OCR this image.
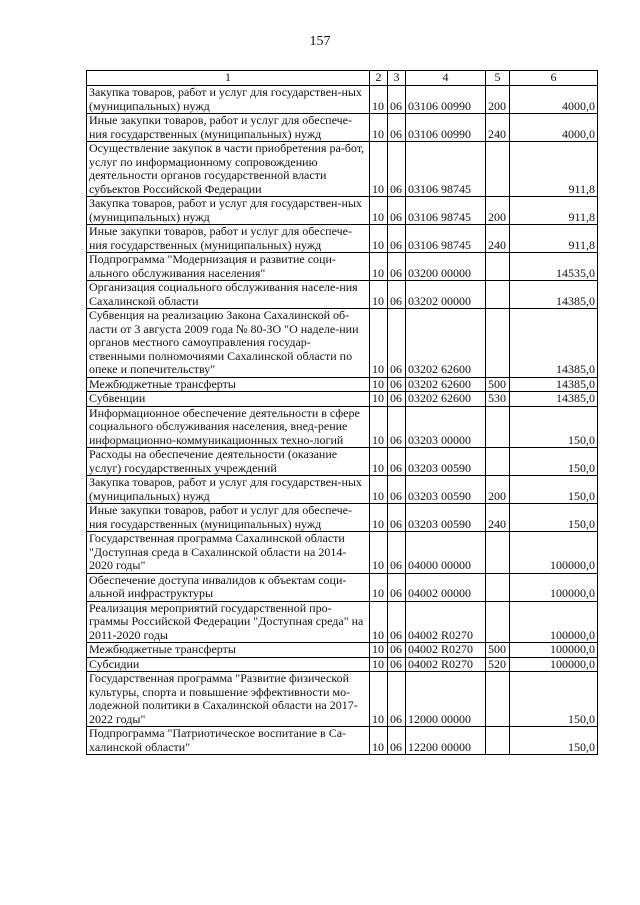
157
1	2	3	4	5	6
Закупка товаров, работ и услуг для государствен-ных (муниципальных) нужд	10	06	03106 00990	200	4000,0
Иные закупки товаров, работ и услуг для обеспече-ния государственных (муниципальных) нужд	10	06	03106 00990	240	4000,0
Осуществление закупок в части приобретения ра-бот, услуг по информационному сопровождению деятельности органов государственной власти субъектов Российской Федерации	10	06	03106 98745		911,8
Закупка товаров, работ и услуг для государствен-ных (муниципальных) нужд	10	06	03106 98745	200	911,8
Иные закупки товаров, работ и услуг для обеспече-ния государственных (муниципальных) нужд	10	06	03106 98745	240	911,8
Подпрограмма "Модернизация и развитие соци-ального обслуживания населения"	10	06	03200 00000		14535,0
Организация социального обслуживания населе-ния Сахалинской области	10	06	03202 00000		14385,0
Субвенция на реализацию Закона Сахалинской об-ласти от 3 августа 2009 года № 80-ЗО "О наделе-нии органов местного самоуправления государ-ственными полномочиями Сахалинской области по опеке и попечительству"	10	06	03202 62600		14385,0
Межбюджетные трансферты	10	06	03202 62600	500	14385,0
Субвенции	10	06	03202 62600	530	14385,0
Информационное обеспечение деятельности в сфере социального обслуживания населения, внед-рение информационно-коммуникационных техно-логий	10	06	03203 00000		150,0
Расходы на обеспечение деятельности (оказание услуг) государственных учреждений	10	06	03203 00590		150,0
Закупка товаров, работ и услуг для государствен-ных (муниципальных) нужд	10	06	03203 00590	200	150,0
Иные закупки товаров, работ и услуг для обеспече-ния государственных (муниципальных) нужд	10	06	03203 00590	240	150,0
Государственная программа Сахалинской области "Доступная среда в Сахалинской области на 2014-2020 годы"	10	06	04000 00000		100000,0
Обеспечение доступа инвалидов к объектам соци-альной инфраструктуры	10	06	04002 00000		100000,0
Реализация мероприятий государственной про-граммы Российской Федерации "Доступная среда" на 2011-2020 годы	10	06	04002 R0270		100000,0
Межбюджетные трансферты	10	06	04002 R0270	500	100000,0
Субсидии	10	06	04002 R0270	520	100000,0
Государственная программа "Развитие физической культуры, спорта и повышение эффективности мо-лодежной политики в Сахалинской области на 2017-2022 годы"	10	06	12000 00000		150,0
Подпрограмма "Патриотическое воспитание в Са-халинской области"	10	06	12200 00000		150,0
